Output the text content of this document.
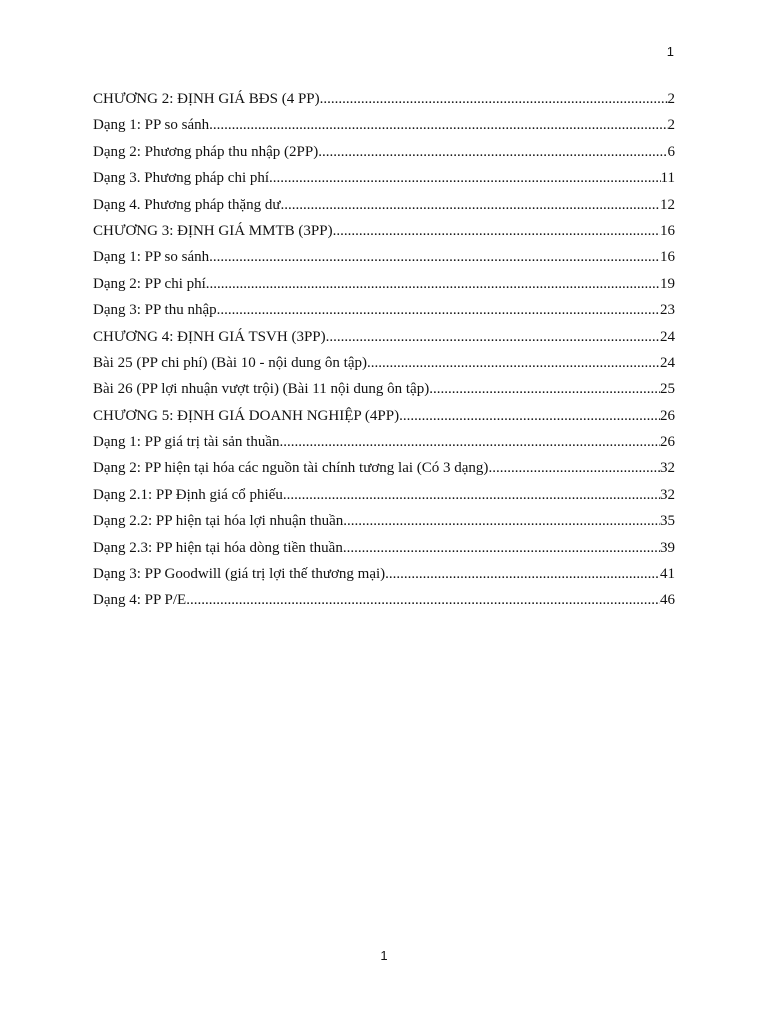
1
CHƯƠNG 2: ĐỊNH GIÁ BĐS (4 PP) .....	2
Dạng 1: PP so sánh .....	2
Dạng 2: Phương pháp thu nhập (2PP) .....	6
Dạng 3. Phương pháp chi phí .....	11
Dạng 4. Phương pháp thặng dư .....	12
CHƯƠNG 3: ĐỊNH GIÁ MMTB (3PP) .....	16
Dạng 1: PP so sánh .....	16
Dạng 2: PP chi phí .....	19
Dạng 3: PP thu nhập .....	23
CHƯƠNG 4: ĐỊNH GIÁ TSVH (3PP) .....	24
Bài 25 (PP chi phí) (Bài 10 - nội dung ôn tập) .....	24
Bài 26 (PP lợi nhuận vượt trội) (Bài 11 nội dung ôn tập) .....	25
CHƯƠNG 5: ĐỊNH GIÁ DOANH NGHIỆP (4PP) .....	26
Dạng 1: PP giá trị tài sản thuần .....	26
Dạng 2: PP hiện tại hóa các nguồn tài chính tương lai (Có 3 dạng) .....	32
Dạng 2.1: PP Định giá cổ phiếu .....	32
Dạng 2.2: PP hiện tại hóa lợi nhuận thuần .....	35
Dạng 2.3: PP hiện tại hóa dòng tiền thuần .....	39
Dạng 3: PP Goodwill (giá trị lợi thế thương mại) .....	41
Dạng 4: PP P/E .....	46
1
